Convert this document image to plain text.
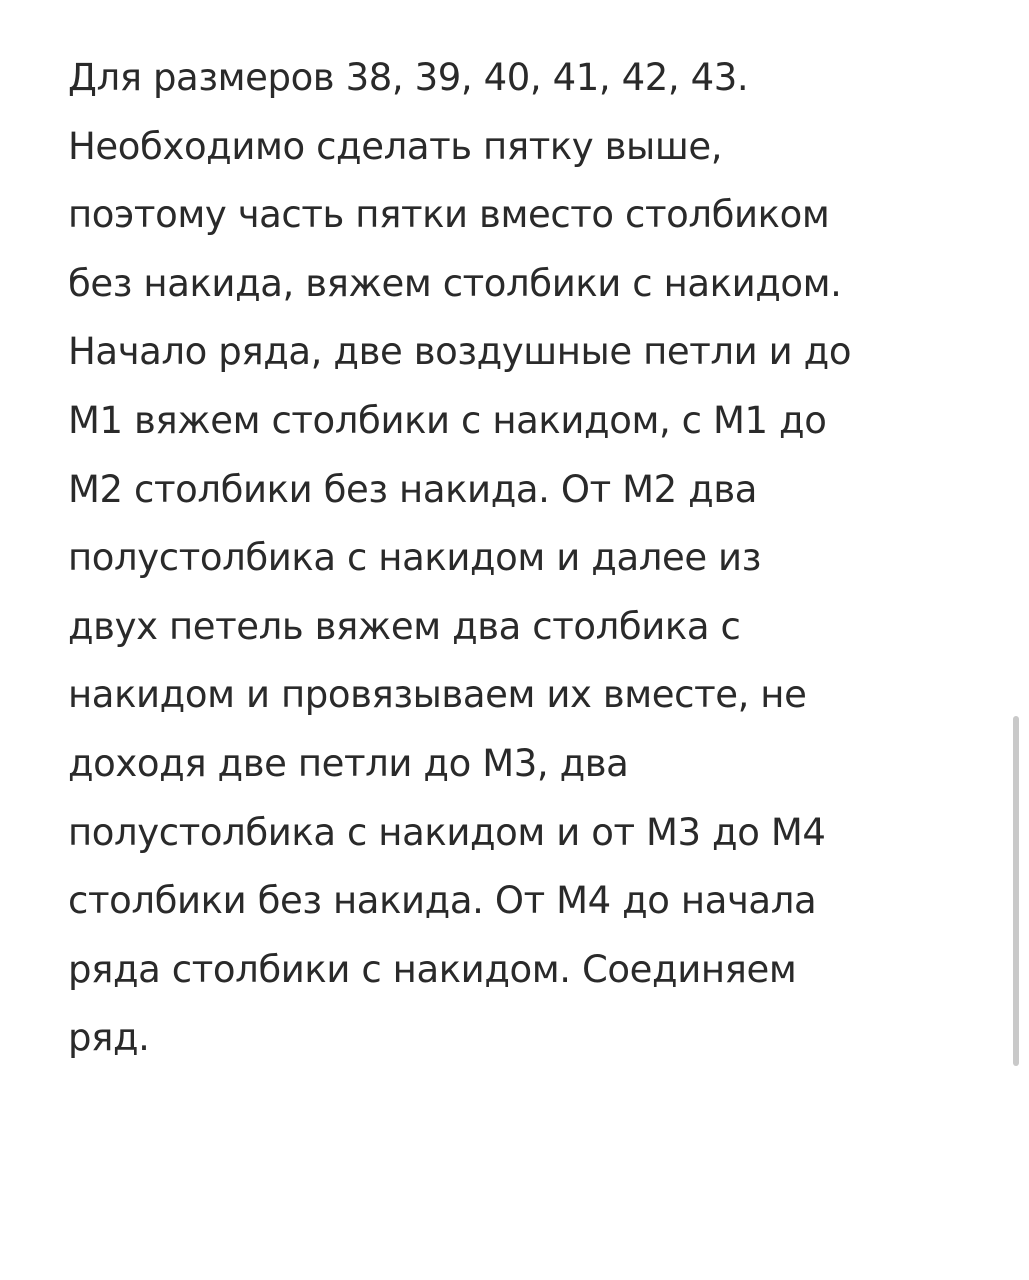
Для размеров 38, 39, 40, 41, 42, 43.
Необходимо сделать пятку выше,
поэтому часть пятки вместо столбиком
без накида, вяжем столбики с накидом.
Начало ряда, две воздушные петли и до
М1 вяжем столбики с накидом, с М1 до
М2 столбики без накида. От М2 два
полустолбика с накидом и далее из
двух петель вяжем два столбика с
накидом и провязываем их вместе, не
доходя две петли до М3, два
полустолбика с накидом и от М3 до М4
столбики без накида. От М4 до начала
ряда столбики с накидом. Соединяем
ряд.
